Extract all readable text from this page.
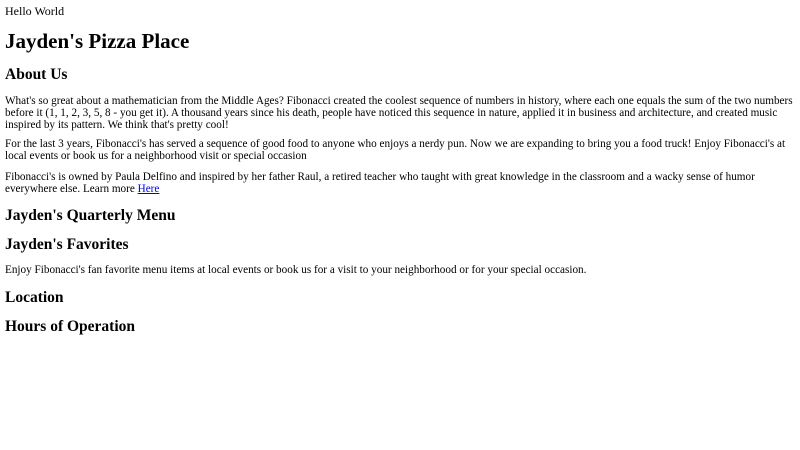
Hello World
Jayden's Pizza Place
About Us

What's so great about a mathematician from the Middle Ages? Fibonacci created the coolest sequence of numbers in history, where each one equals the sum of the two numbers before it (1, 1, 2, 3, 5, 8 - you get it). A thousand years since his death, people have noticed this sequence in nature, applied it in business and architecture, and created music inspired by its pattern. We think that's pretty cool!

For the last 3 years, Fibonacci's has served a sequence of good food to anyone who enjoys a nerdy pun. Now we are expanding to bring you a food truck! Enjoy Fibonacci's at local events or book us for a neighborhood visit or special occasion

Fibonacci's is owned by Paula Delfino and inspired by her father Raul, a retired teacher who taught with great knowledge in the classroom and a wacky sense of humor everywhere else. Learn more Here

Jayden's Quarterly Menu
Jayden's Favorites

Enjoy Fibonacci's fan favorite menu items at local events or book us for a visit to your neighborhood or for your special occasion.

Location
Hours of Operation
